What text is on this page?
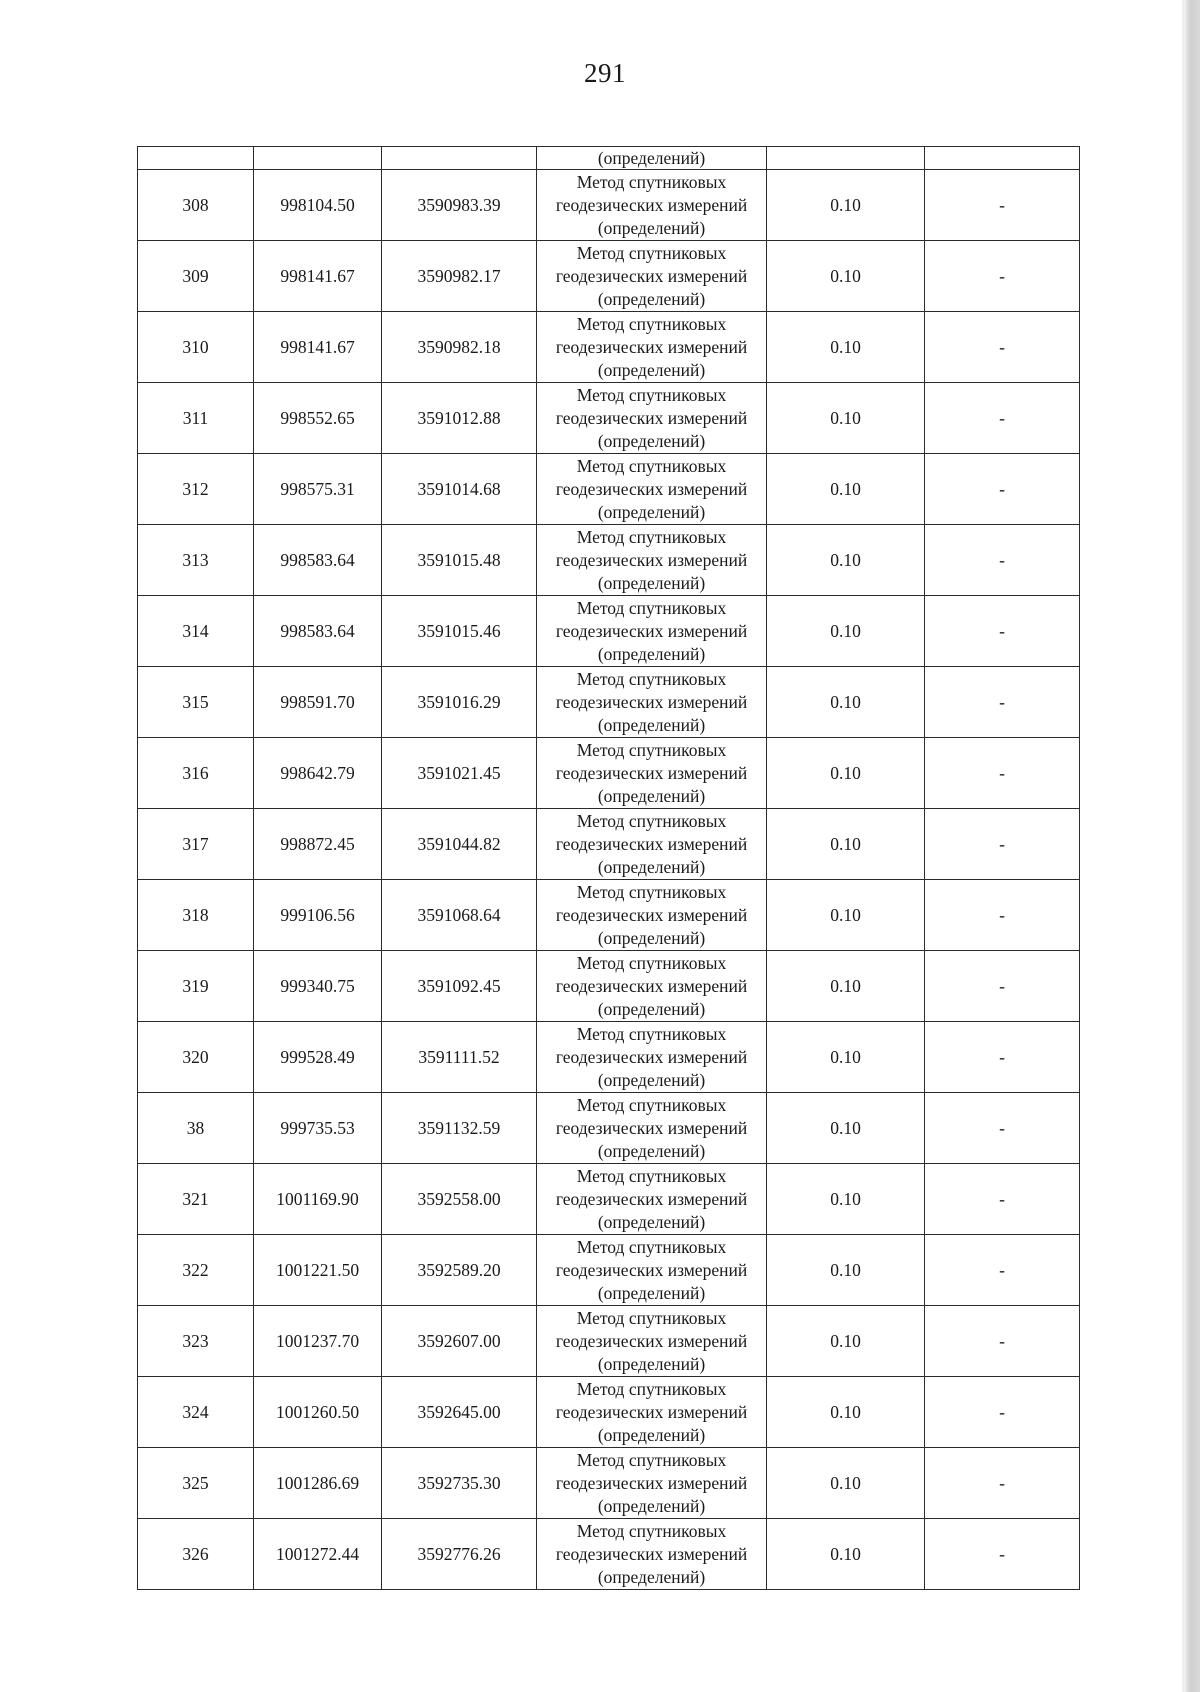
291
			(определений)		
308	998104.50	3590983.39	Метод спутниковых
геодезических измерений
(определений)	0.10	-
309	998141.67	3590982.17	Метод спутниковых
геодезических измерений
(определений)	0.10	-
310	998141.67	3590982.18	Метод спутниковых
геодезических измерений
(определений)	0.10	-
311	998552.65	3591012.88	Метод спутниковых
геодезических измерений
(определений)	0.10	-
312	998575.31	3591014.68	Метод спутниковых
геодезических измерений
(определений)	0.10	-
313	998583.64	3591015.48	Метод спутниковых
геодезических измерений
(определений)	0.10	-
314	998583.64	3591015.46	Метод спутниковых
геодезических измерений
(определений)	0.10	-
315	998591.70	3591016.29	Метод спутниковых
геодезических измерений
(определений)	0.10	-
316	998642.79	3591021.45	Метод спутниковых
геодезических измерений
(определений)	0.10	-
317	998872.45	3591044.82	Метод спутниковых
геодезических измерений
(определений)	0.10	-
318	999106.56	3591068.64	Метод спутниковых
геодезических измерений
(определений)	0.10	-
319	999340.75	3591092.45	Метод спутниковых
геодезических измерений
(определений)	0.10	-
320	999528.49	3591111.52	Метод спутниковых
геодезических измерений
(определений)	0.10	-
38	999735.53	3591132.59	Метод спутниковых
геодезических измерений
(определений)	0.10	-
321	1001169.90	3592558.00	Метод спутниковых
геодезических измерений
(определений)	0.10	-
322	1001221.50	3592589.20	Метод спутниковых
геодезических измерений
(определений)	0.10	-
323	1001237.70	3592607.00	Метод спутниковых
геодезических измерений
(определений)	0.10	-
324	1001260.50	3592645.00	Метод спутниковых
геодезических измерений
(определений)	0.10	-
325	1001286.69	3592735.30	Метод спутниковых
геодезических измерений
(определений)	0.10	-
326	1001272.44	3592776.26	Метод спутниковых
геодезических измерений
(определений)	0.10	-
